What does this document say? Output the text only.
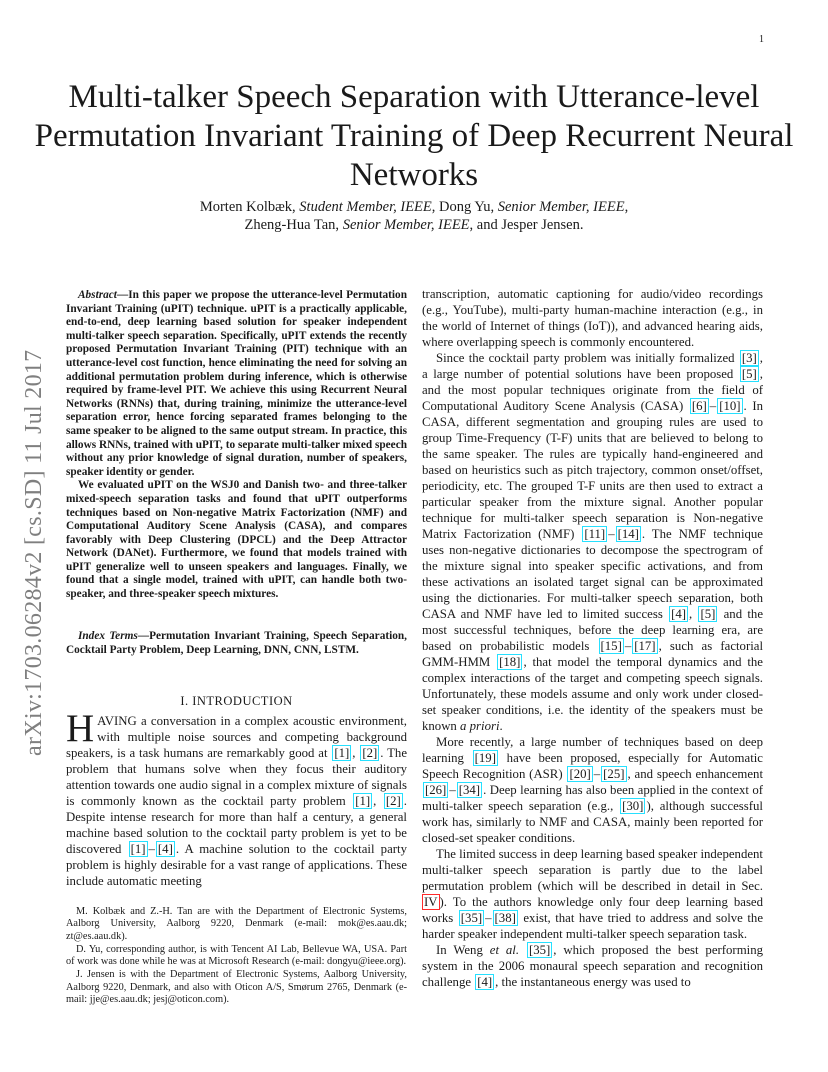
1
Multi-talker Speech Separation with Utterance-level Permutation Invariant Training of Deep Recurrent Neural Networks
Morten Kolbæk, Student Member, IEEE, Dong Yu, Senior Member, IEEE,
Zheng-Hua Tan, Senior Member, IEEE, and Jesper Jensen.
arXiv:1703.06284v2 [cs.SD] 11 Jul 2017

Abstract—In this paper we propose the utterance-level Permutation Invariant Training (uPIT) technique. uPIT is a practically applicable, end-to-end, deep learning based solution for speaker independent multi-talker speech separation. Specifically, uPIT extends the recently proposed Permutation Invariant Training (PIT) technique with an utterance-level cost function, hence eliminating the need for solving an additional permutation problem during inference, which is otherwise required by frame-level PIT. We achieve this using Recurrent Neural Networks (RNNs) that, during training, minimize the utterance-level separation error, hence forcing separated frames belonging to the same speaker to be aligned to the same output stream. In practice, this allows RNNs, trained with uPIT, to separate multi-talker mixed speech without any prior knowledge of signal duration, number of speakers, speaker identity or gender.

We evaluated uPIT on the WSJ0 and Danish two- and three-talker mixed-speech separation tasks and found that uPIT outperforms techniques based on Non-negative Matrix Factorization (NMF) and Computational Auditory Scene Analysis (CASA), and compares favorably with Deep Clustering (DPCL) and the Deep Attractor Network (DANet). Furthermore, we found that models trained with uPIT generalize well to unseen speakers and languages. Finally, we found that a single model, trained with uPIT, can handle both two-speaker, and three-speaker speech mixtures.

Index Terms—Permutation Invariant Training, Speech Separation, Cocktail Party Problem, Deep Learning, DNN, CNN, LSTM.
I. INTRODUCTION

HAVING a conversation in a complex acoustic environment, with multiple noise sources and competing background speakers, is a task humans are remarkably good at [1] , [2] . The problem that humans solve when they focus their auditory attention towards one audio signal in a complex mixture of signals is commonly known as the cocktail party problem [1] , [2] . Despite intense research for more than half a century, a general machine based solution to the cocktail party problem is yet to be discovered [1] – [4] . A machine solution to the cocktail party problem is highly desirable for a vast range of applications. These include automatic meeting

M. Kolbæk and Z.-H. Tan are with the Department of Electronic Systems, Aalborg University, Aalborg 9220, Denmark (e-mail: mok@es.aau.dk; zt@es.aau.dk).

D. Yu, corresponding author, is with Tencent AI Lab, Bellevue WA, USA. Part of work was done while he was at Microsoft Research (e-mail: dongyu@ieee.org).

J. Jensen is with the Department of Electronic Systems, Aalborg University, Aalborg 9220, Denmark, and also with Oticon A/S, Smørum 2765, Denmark (e-mail: jje@es.aau.dk; jesj@oticon.com).

transcription, automatic captioning for audio/video recordings (e.g., YouTube), multi-party human-machine interaction (e.g., in the world of Internet of things (IoT)), and advanced hearing aids, where overlapping speech is commonly encountered.

Since the cocktail party problem was initially formalized [3] , a large number of potential solutions have been proposed [5] , and the most popular techniques originate from the field of Computational Auditory Scene Analysis (CASA) [6] – [10] . In CASA, different segmentation and grouping rules are used to group Time-Frequency (T-F) units that are believed to belong to the same speaker. The rules are typically hand-engineered and based on heuristics such as pitch trajectory, common onset/offset, periodicity, etc. The grouped T-F units are then used to extract a particular speaker from the mixture signal. Another popular technique for multi-talker speech separation is Non-negative Matrix Factorization (NMF) [11] – [14] . The NMF technique uses non-negative dictionaries to decompose the spectrogram of the mixture signal into speaker specific activations, and from these activations an isolated target signal can be approximated using the dictionaries. For multi-talker speech separation, both CASA and NMF have led to limited success [4] , [5] and the most successful techniques, before the deep learning era, are based on probabilistic models [15] – [17] , such as factorial GMM-HMM [18] , that model the temporal dynamics and the complex interactions of the target and competing speech signals. Unfortunately, these models assume and only work under closed-set speaker conditions, i.e. the identity of the speakers must be known a priori.

More recently, a large number of techniques based on deep learning [19] have been proposed, especially for Automatic Speech Recognition (ASR) [20] – [25] , and speech enhancement [26] – [34] . Deep learning has also been applied in the context of multi-talker speech separation (e.g., [30] ), although successful work has, similarly to NMF and CASA, mainly been reported for closed-set speaker conditions.

The limited success in deep learning based speaker independent multi-talker speech separation is partly due to the label permutation problem (which will be described in detail in Sec. IV ). To the authors knowledge only four deep learning based works [35] – [38] exist, that have tried to address and solve the harder speaker independent multi-talker speech separation task.

In Weng et al. [35] , which proposed the best performing system in the 2006 monaural speech separation and recognition challenge [4] , the instantaneous energy was used to
